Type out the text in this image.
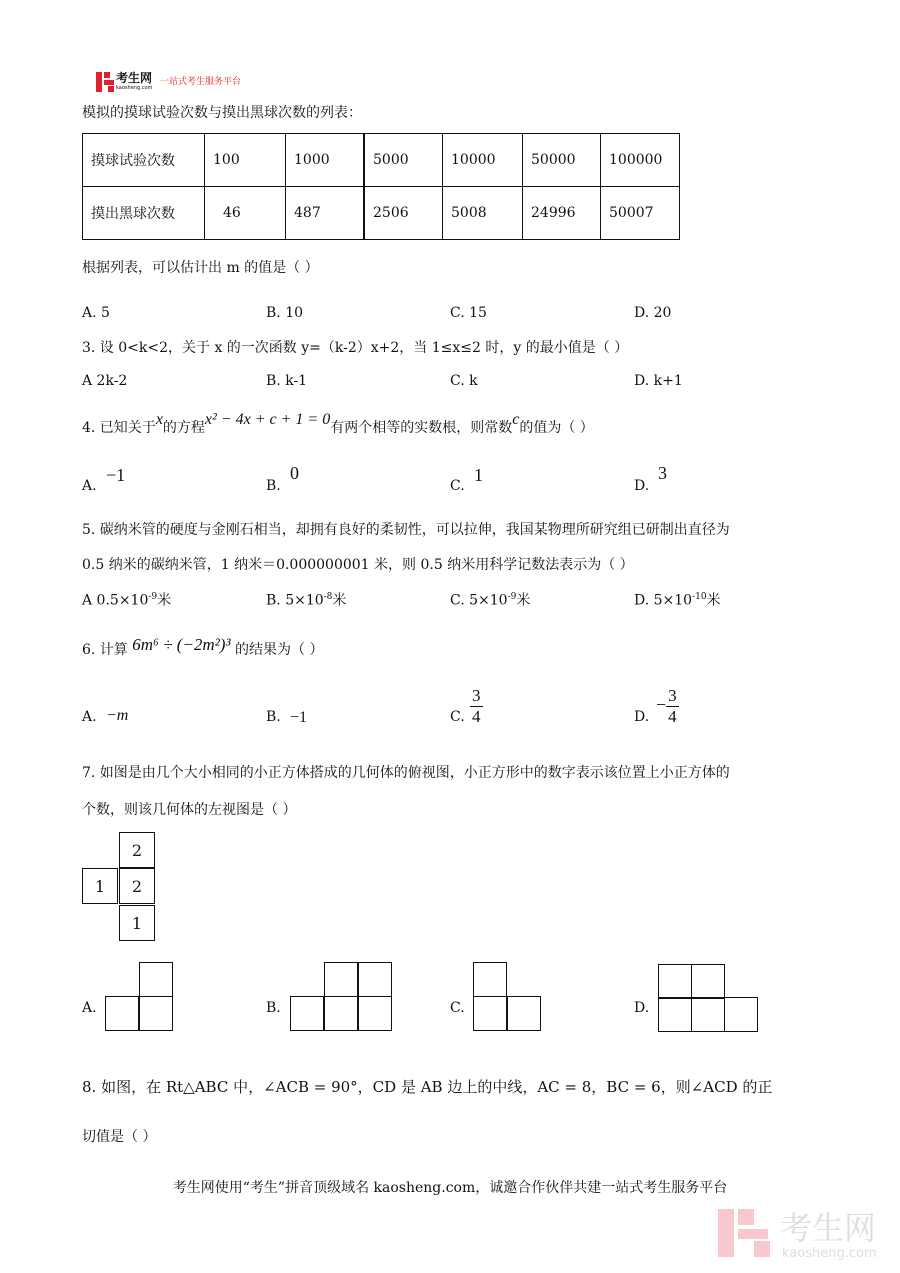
考生网
kaosheng.com
一站式考生服务平台
模拟的摸球试验次数与摸出黑球次数的列表：
摸球试验次数	100	1000	5000	10000	50000	100000
摸出黑球次数	46	487	2506	5008	24996	50007
根据列表，可以估计出 m 的值是（ ）
A. 5	B. 10	C. 15	D. 20
3. 设 0<k<2，关于 x 的一次函数 y=（k-2）x+2，当 1≤x≤2 时，y 的最小值是（ ）
A 2k-2	B. k-1	C. k	D. k+1
4. 已知关于x的方程x² − 4x + c + 1 = 0有两个相等的实数根，则常数c的值为（ ）
A.
−1
B.
0
C.
1
D.
3
5. 碳纳米管的硬度与金刚石相当，却拥有良好的柔韧性，可以拉伸，我国某物理所研究组已研制出直径为
0.5 纳米的碳纳米管，1 纳米＝0.000000001 米，则 0.5 纳米用科学记数法表示为（ ）
A $0.5\times 10^{-9}$米	B. $5\times 10^{-8}$米	C. $5\times 10^{-9}$米	D. $5\times 10^{-10}$米
6. 计算 6m⁶ ÷ (−2m²)³ 的结果为（ ）
A. −m	B. −1	C. $\frac{3}{4}$	D.
− $\frac{3}{4}$
7. 如图是由几个大小相同的小正方体搭成的几何体的俯视图，小正方形中的数字表示该位置上小正方体的
个数，则该几何体的左视图是（ ）
2
1	2
1
A.	B.	C.	D.
8. 如图，在 Rt△ABC 中，∠ACB = 90°，CD 是 AB 边上的中线，AC = 8，BC = 6，则∠ACD 的正
切值是（ ）
考生网使用“考生”拼音顶级域名 kaosheng.com，诚邀合作伙伴共建一站式考生服务平台
考生网
kaosheng.com
